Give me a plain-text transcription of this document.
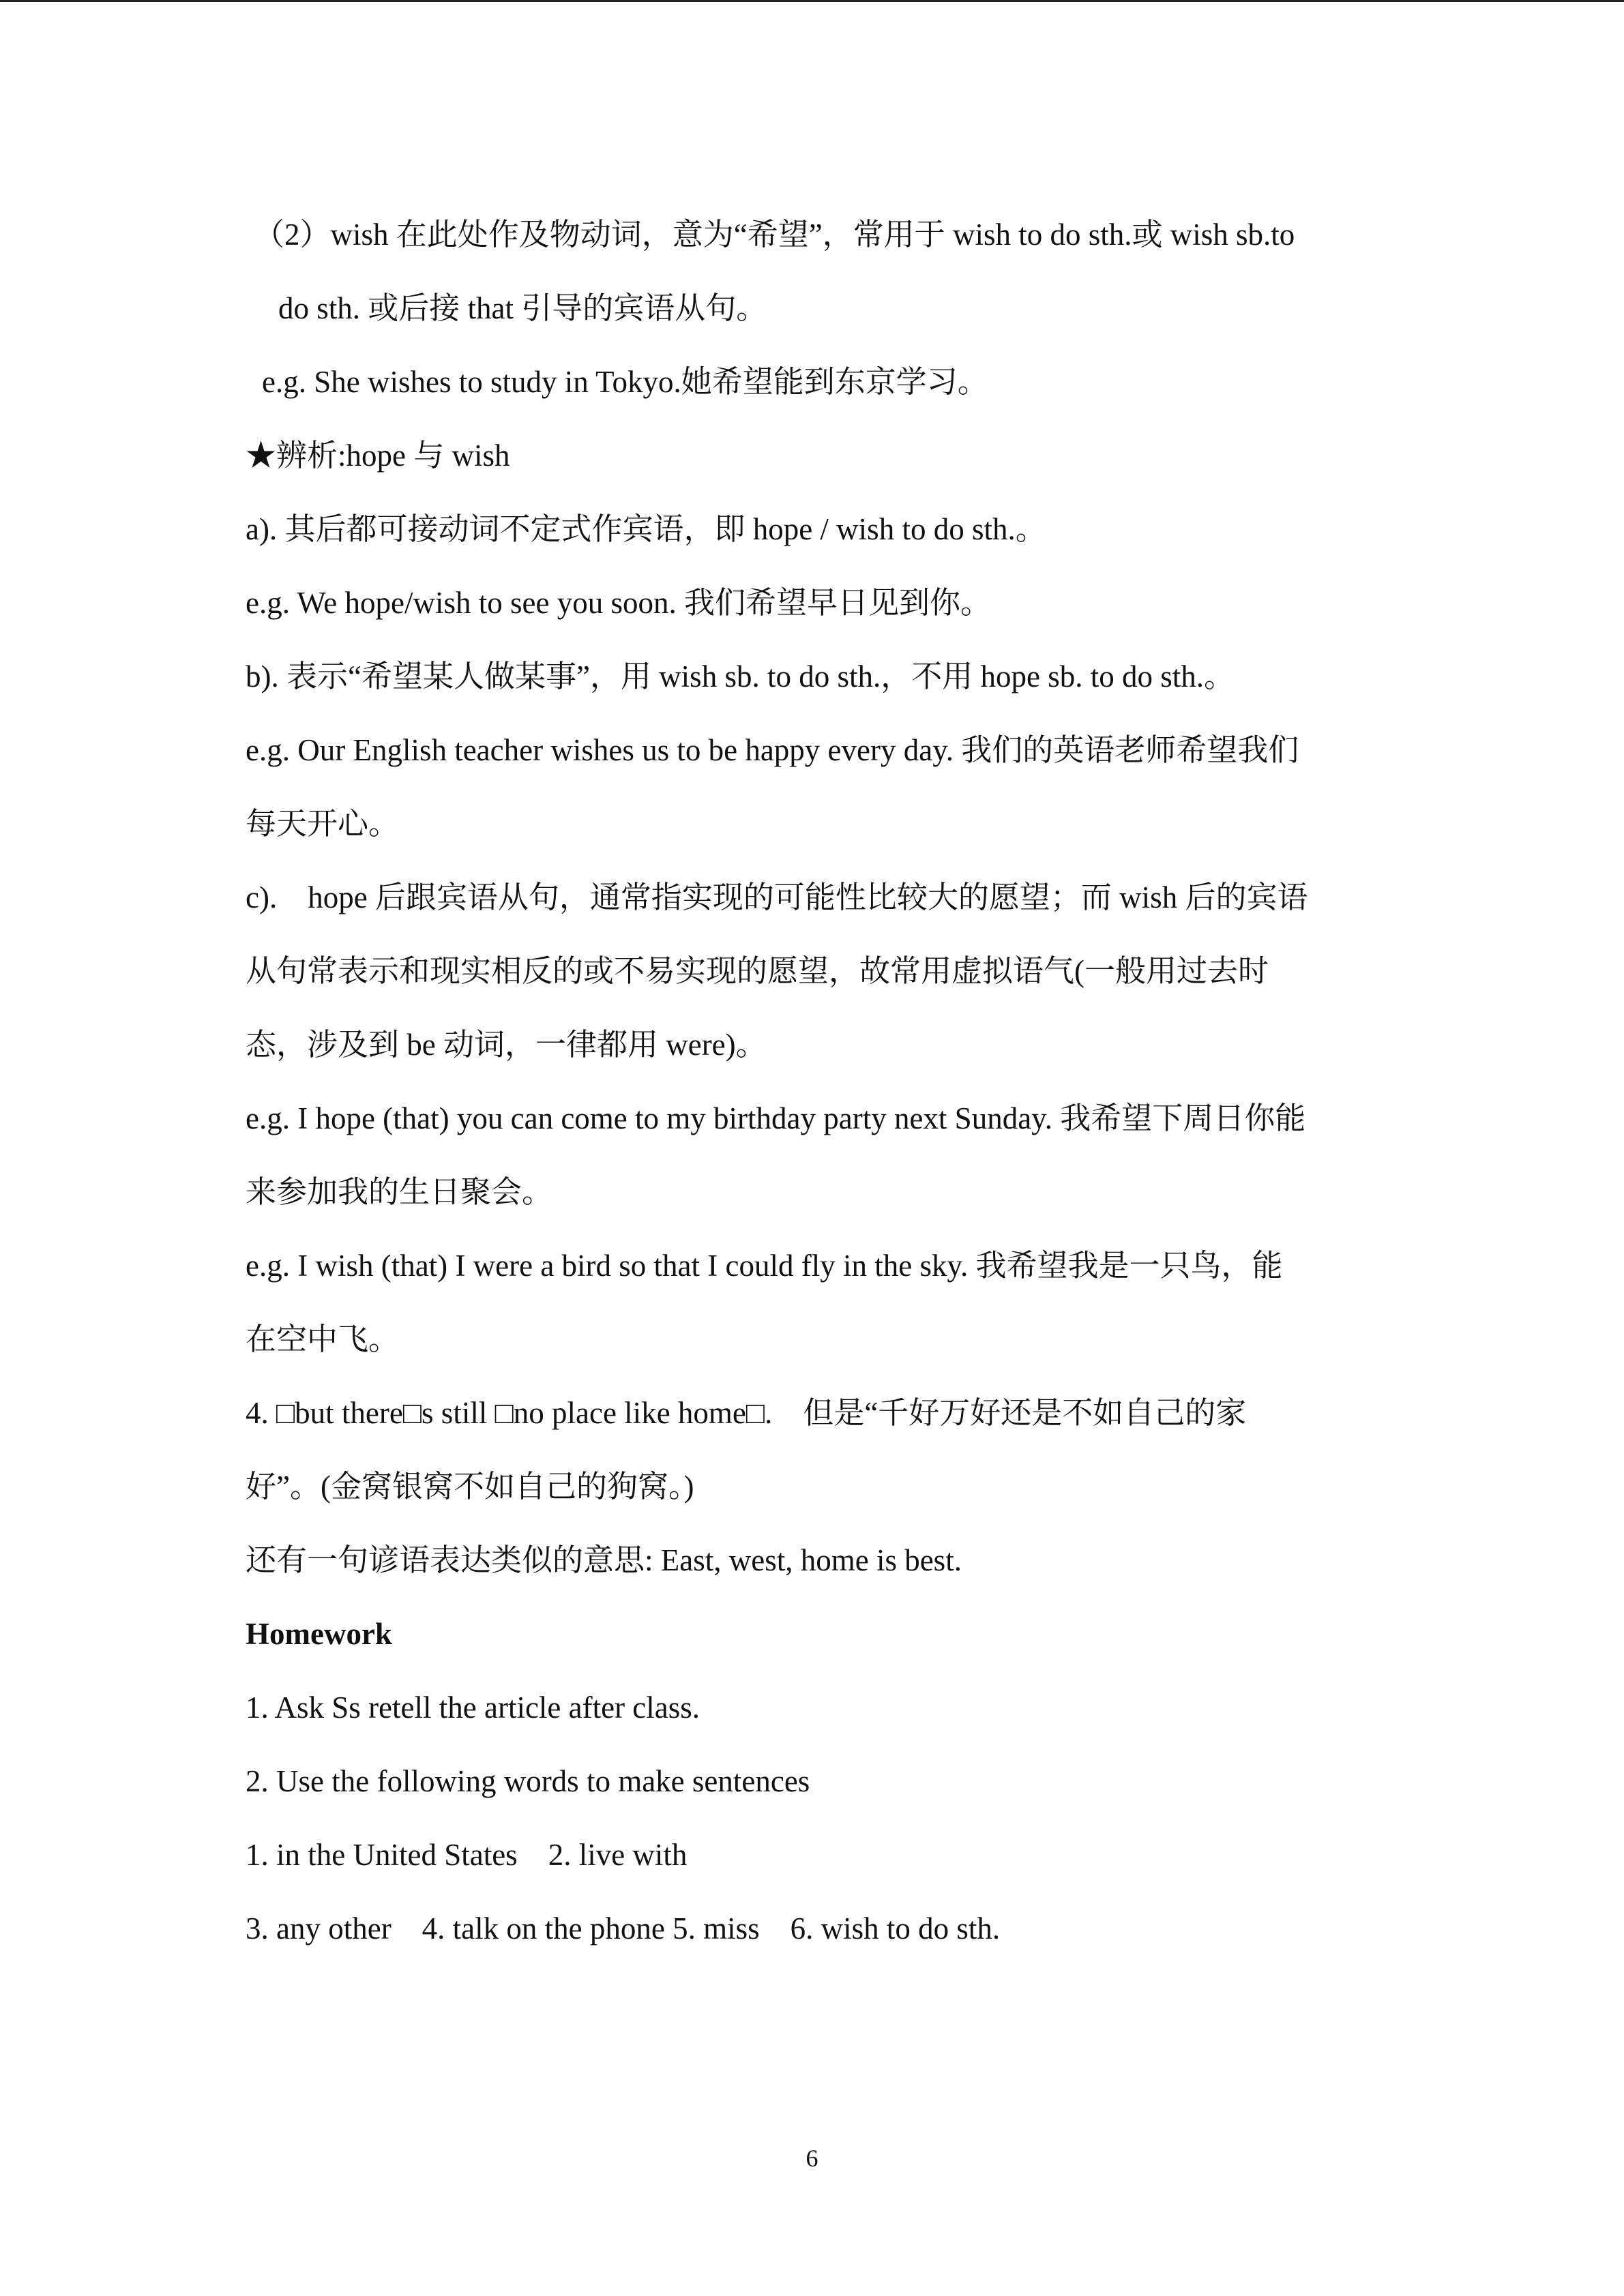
（2）wish 在此处作及物动词，意为“希望”，常用于 wish to do sth.或 wish sb.to
do sth. 或后接 that 引导的宾语从句。
e.g. She wishes to study in Tokyo.她希望能到东京学习。
★辨析:hope 与 wish
a). 其后都可接动词不定式作宾语，即 hope / wish to do sth.。
e.g. We hope/wish to see you soon. 我们希望早日见到你。
b). 表示“希望某人做某事”，用 wish sb. to do sth.，不用 hope sb. to do sth.。
e.g. Our English teacher wishes us to be happy every day. 我们的英语老师希望我们
每天开心。
c).　hope 后跟宾语从句，通常指实现的可能性比较大的愿望；而 wish 后的宾语
从句常表示和现实相反的或不易实现的愿望，故常用虚拟语气(一般用过去时
态，涉及到 be 动词，一律都用 were)。
e.g. I hope (that) you can come to my birthday party next Sunday. 我希望下周日你能
来参加我的生日聚会。
e.g. I wish (that) I were a bird so that I could fly in the sky. 我希望我是一只鸟，能
在空中飞。
4. □but there□s still □no place like home□.　但是“千好万好还是不如自己的家
好”。(金窝银窝不如自己的狗窝。)
还有一句谚语表达类似的意思: East, west, home is best.
Homework
1. Ask Ss retell the article after class.
2. Use the following words to make sentences
1. in the United States　2. live with
3. any other　4. talk on the phone 5. miss　6. wish to do sth.
6
